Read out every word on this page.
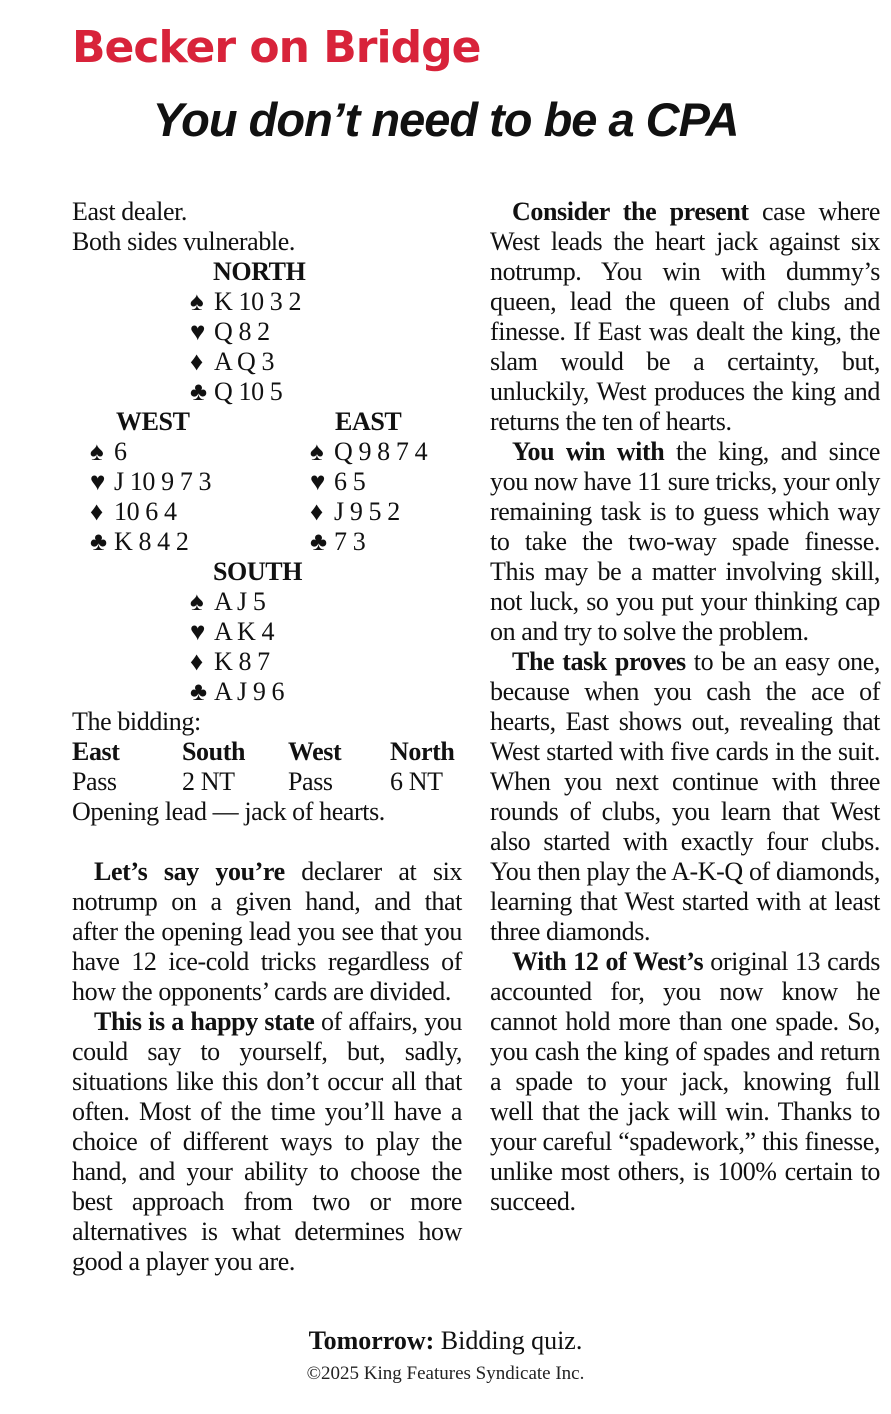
Becker on Bridge
You don’t need to be a CPA
East dealer.
Both sides vulnerable.
NORTH
♠ K 10 3 2
♥ Q 8 2
♦ A Q 3
♣ Q 10 5
WEST
♠ 6
♥ J 10 9 7 3
♦ 10 6 4
♣ K 8 4 2
EAST
♠ Q 9 8 7 4
♥ 6 5
♦ J 9 5 2
♣ 7 3
SOUTH
♠ A J 5
♥ A K 4
♦ K 8 7
♣ A J 9 6
The bidding:
East South West North
Pass	2 NT Pass 6 NT
Opening lead — jack of hearts.

Let’s say you’re declarer at six notrump on a given hand, and that after the opening lead you see that you have 12 ice-cold tricks regardless of how the opponents’ cards are divided.

This is a happy state of affairs, you could say to yourself, but, sadly, situations like this don’t occur all that often. Most of the time you’ll have a choice of different ways to play the hand, and your ability to choose the best approach from two or more alternatives is what determines how good a player you are.

Consider the present case where West leads the heart jack against six notrump. You win with dummy’s queen, lead the queen of clubs and finesse. If East was dealt the king, the slam would be a certainty, but, unluckily, West produces the king and returns the ten of hearts.

You win with the king, and since you now have 11 sure tricks, your only remaining task is to guess which way to take the two-way spade finesse. This may be a matter involving skill, not luck, so you put your thinking cap on and try to solve the problem.

The task proves to be an easy one, because when you cash the ace of hearts, East shows out, revealing that West started with five cards in the suit. When you next continue with three rounds of clubs, you learn that West also started with exactly four clubs. You then play the A-K-Q of diamonds, learning that West started with at least three diamonds.

With 12 of West’s original 13 cards accounted for, you now know he cannot hold more than one spade. So, you cash the king of spades and return a spade to your jack, knowing full well that the jack will win. Thanks to your careful “spadework,” this finesse, unlike most others, is 100% certain to succeed.

Tomorrow: Bidding quiz.
©2025 King Features Syndicate Inc.
